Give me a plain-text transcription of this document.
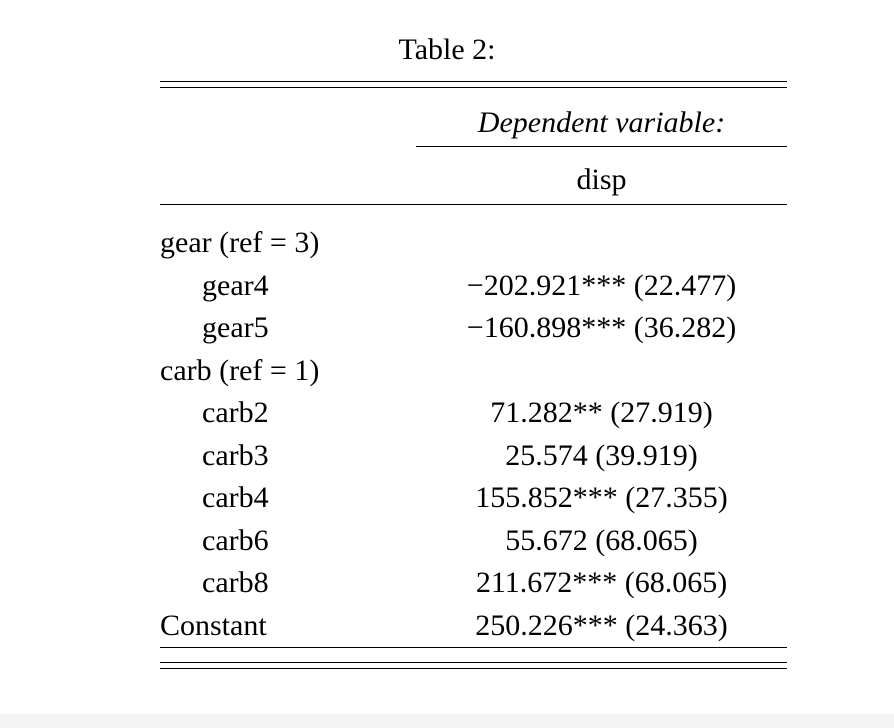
Table 2:
Dependent variable:
disp
gear (ref = 3)
gear4	−202.921*** (22.477)
gear5	−160.898*** (36.282)
carb (ref = 1)
carb2	71.282** (27.919)
carb3	25.574 (39.919)
carb4	155.852*** (27.355)
carb6	55.672 (68.065)
carb8	211.672*** (68.065)
Constant	250.226*** (24.363)
